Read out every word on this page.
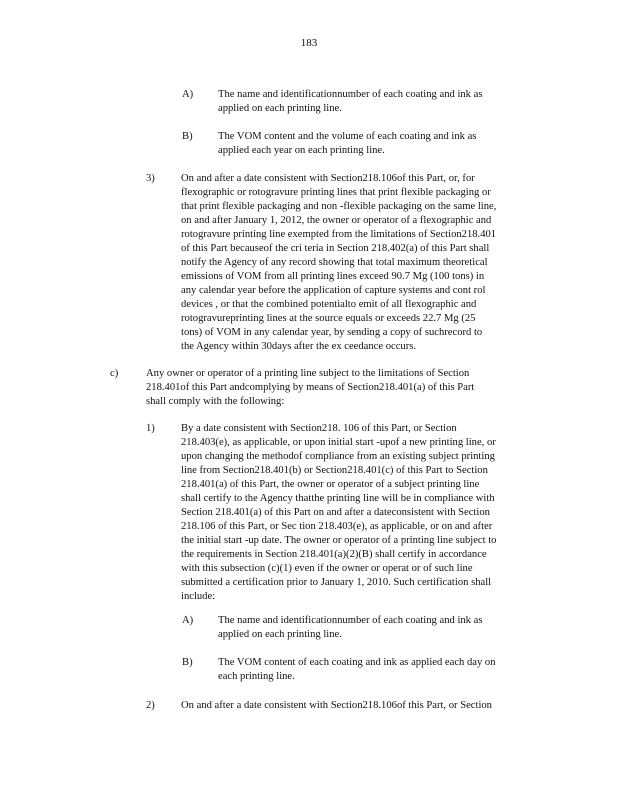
183
A) The name and identificationnumber of each coating and ink as
applied on each printing line.
B) The VOM content and the volume of each coating and ink as
applied each year on each printing line.
3) On and after a date consistent with Section218.106of this Part, or, for
flexographic or rotogravure printing lines that print flexible packaging or
that print flexible packaging and non -flexible packaging on the same line,
on and after January 1, 2012, the owner or operator of a flexographic and
rotogravure printing line exempted from the limitations of Section218.401
of this Part becauseof the cri teria in Section 218.402(a) of this Part shall
notify the Agency of any record showing that total maximum theoretical
emissions of VOM from all printing lines exceed 90.7 Mg (100 tons) in
any calendar year before the application of capture systems and cont rol
devices , or that the combined potentialto emit of all flexographic and
rotogravureprinting lines at the source equals or exceeds 22.7 Mg (25
tons) of VOM in any calendar year, by sending a copy of suchrecord to
the Agency within 30days after the ex ceedance occurs.
c)	Any owner or operator of a printing line subject to the limitations of Section
218.401of this Part andcomplying by means of Section218.401(a) of this Part
shall comply with the following:
1) By a date consistent with Section218. 106 of this Part, or Section
218.403(e), as applicable, or upon initial start -upof a new printing line, or
upon changing the methodof compliance from an existing subject printing
line from Section218.401(b) or Section218.401(c) of this Part to Section
218.401(a) of this Part, the owner or operator of a subject printing line
shall certify to the Agency thatthe printing line will be in compliance with
Section 218.401(a) of this Part on and after a dateconsistent with Section
218.106 of this Part, or Sec tion 218.403(e), as applicable, or on and after
the initial start -up date. The owner or operator of a printing line subject to
the requirements in Section 218.401(a)(2)(B) shall certify in accordance
with this subsection (c)(1) even if the owner or operat or of such line
submitted a certification prior to January 1, 2010. Such certification shall
include:
A) The name and identificationnumber of each coating and ink as
applied on each printing line.
B) The VOM content of each coating and ink as applied each day on
each printing line.
2) On and after a date consistent with Section218.106of this Part, or Section
